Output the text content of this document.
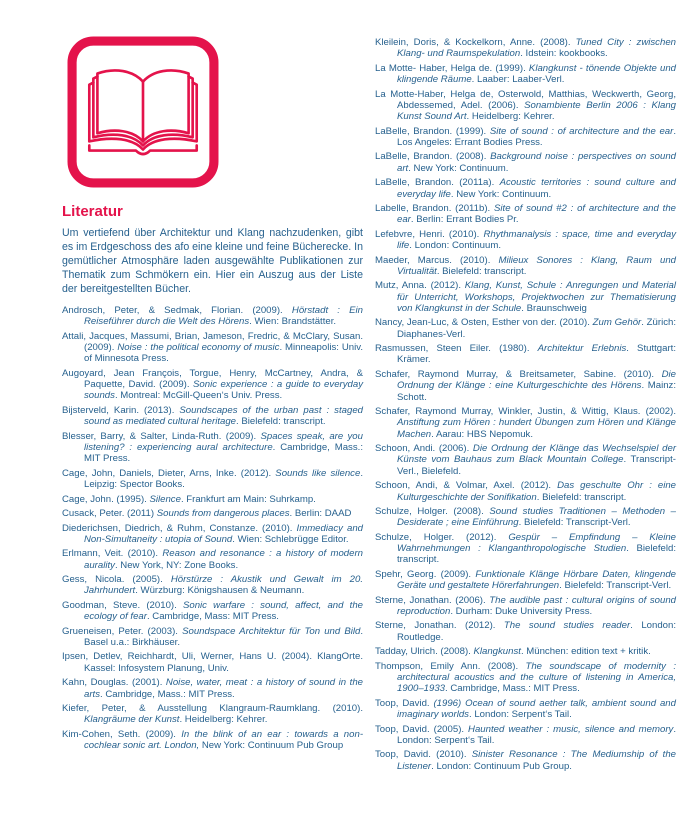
Literatur

Um vertiefend über Architektur und Klang nachzudenken, gibt es im Erdgeschoss des afo eine kleine und feine Bücherecke. In gemütlicher Atmosphäre laden ausgewählte Publikationen zur Thematik zum Schmökern ein. Hier ein Auszug aus der Liste der bereitgestellten Bücher.

Androsch, Peter, & Sedmak, Florian. (2009). Hörstadt : Ein Reiseführer durch die Welt des Hörens. Wien: Brandstätter.
Attali, Jacques, Massumi, Brian, Jameson, Fredric, & McClary, Susan. (2009). Noise : the political economy of music. Minneapolis: Univ. of Minnesota Press.
Augoyard, Jean François, Torgue, Henry, McCartney, Andra, & Paquette, David. (2009). Sonic experience : a guide to everyday sounds. Montreal: McGill-Queen‘s Univ. Press.
Bijsterveld, Karin. (2013). Soundscapes of the urban past : staged sound as mediated cultural heritage. Bielefeld: transcript.
Blesser, Barry, & Salter, Linda-Ruth. (2009). Spaces speak, are you listening? : experiencing aural architecture. Cambridge, Mass.: MIT Press.
Cage, John, Daniels, Dieter, Arns, Inke. (2012). Sounds like silence. Leipzig: Spector Books.
Cage, John. (1995). Silence. Frankfurt am Main: Suhrkamp.
Cusack, Peter. (2011) Sounds from dangerous places. Berlin: DAAD
Diederichsen, Diedrich, & Ruhm, Constanze. (2010). Immediacy and Non-Simultaneity : utopia of Sound. Wien: Schlebrügge Editor.
Erlmann, Veit. (2010). Reason and resonance : a history of modern aurality. New York, NY: Zone Books.
Gess, Nicola. (2005). Hörstürze : Akustik und Gewalt im 20. Jahrhundert. Würzburg: Königshausen & Neumann.
Goodman, Steve. (2010). Sonic warfare : sound, affect, and the ecology of fear. Cambridge, Mass: MIT Press.
Grueneisen, Peter. (2003). Soundspace Architektur für Ton und Bild. Basel u.a.: Birkhäuser.
Ipsen, Detlev, Reichhardt, Uli, Werner, Hans U. (2004). KlangOrte. Kassel: Infosystem Planung, Univ.
Kahn, Douglas. (2001). Noise, water, meat : a history of sound in the arts. Cambridge, Mass.: MIT Press.
Kiefer, Peter, & Ausstellung Klangraum-Raumklang. (2010). Klangräume der Kunst. Heidelberg: Kehrer.
Kim-Cohen, Seth. (2009). In the blink of an ear : towards a non-cochlear sonic art. London, New York: Continuum Pub Group
Kleilein, Doris, & Kockelkorn, Anne. (2008). Tuned City : zwischen Klang- und Raumspekulation. Idstein: kookbooks.
La Motte- Haber, Helga de. (1999). Klangkunst - tönende Objekte und klingende Räume. Laaber: Laaber-Verl.
La Motte-Haber, Helga de, Osterwold, Matthias, Weckwerth, Georg, Abdessemed, Adel. (2006). Sonambiente Berlin 2006 : Klang Kunst Sound Art. Heidelberg: Kehrer.
LaBelle, Brandon. (1999). Site of sound : of architecture and the ear. Los Angeles: Errant Bodies Press.
LaBelle, Brandon. (2008). Background noise : perspectives on sound art. New York: Continuum.
LaBelle, Brandon. (2011a). Acoustic territories : sound culture and everyday life. New York: Continuum.
Labelle, Brandon. (2011b). Site of sound #2 : of architecture and the ear. Berlin: Errant Bodies Pr.
Lefebvre, Henri. (2010). Rhythmanalysis : space, time and everyday life. London: Continuum.
Maeder, Marcus. (2010). Milieux Sonores : Klang, Raum und Virtualität. Bielefeld: transcript.
Mutz, Anna. (2012). Klang, Kunst, Schule : Anregungen und Material für Unterricht, Workshops, Projektwochen zur Thematisierung von Klangkunst in der Schule. Braunschweig
Nancy, Jean-Luc, & Osten, Esther von der. (2010). Zum Gehör. Zürich: Diaphanes-Verl.
Rasmussen, Steen Eiler. (1980). Architektur Erlebnis. Stuttgart: Krämer.
Schafer, Raymond Murray, & Breitsameter, Sabine. (2010). Die Ordnung der Klänge : eine Kulturgeschichte des Hörens. Mainz: Schott.
Schafer, Raymond Murray, Winkler, Justin, & Wittig, Klaus. (2002). Anstiftung zum Hören : hundert Übungen zum Hören und Klänge Machen. Aarau: HBS Nepomuk.
Schoon, Andi. (2006). Die Ordnung der Klänge das Wechselspiel der Künste vom Bauhaus zum Black Mountain College. Transcript-Verl., Bielefeld.
Schoon, Andi, & Volmar, Axel. (2012). Das geschulte Ohr : eine Kulturgeschichte der Sonifikation. Bielefeld: transcript.
Schulze, Holger. (2008). Sound studies Traditionen – Methoden –Desiderate ; eine Einführung. Bielefeld: Transcript-Verl.
Schulze, Holger. (2012). Gespür – Empfindung – Kleine Wahrnehmungen : Klanganthropologische Studien. Bielefeld: transcript.
Spehr, Georg. (2009). Funktionale Klänge Hörbare Daten, klingende Geräte und gestaltete Hörerfahrungen. Bielefeld: Transcript-Verl.
Sterne, Jonathan. (2006). The audible past : cultural origins of sound reproduction. Durham: Duke University Press.
Sterne, Jonathan. (2012). The sound studies reader. London: Routledge.
Tadday, Ulrich. (2008). Klangkunst. München: edition text + kritik.
Thompson, Emily Ann. (2008). The soundscape of modernity : architectural acoustics and the culture of listening in America, 1900–1933. Cambridge, Mass.: MIT Press.
Toop, David. (1996) Ocean of sound aether talk, ambient sound and imaginary worlds. London: Serpent‘s Tail.
Toop, David. (2005). Haunted weather : music, silence and memory. London: Serpent‘s Tail.
Toop, David. (2010). Sinister Resonance : The Mediumship of the Listener. London: Continuum Pub Group.
